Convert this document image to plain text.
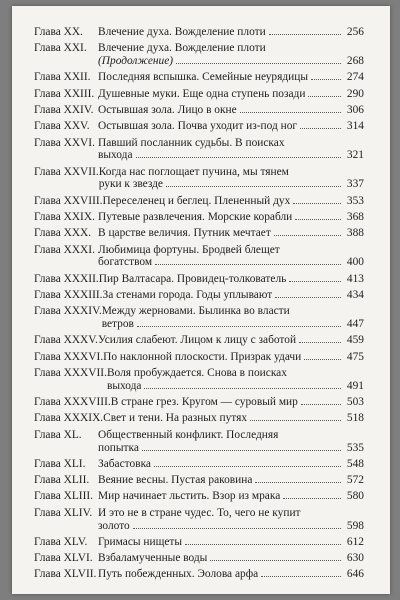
Глава XX.	Влечение духа. Вожделение плоти	256
Глава XXI. Влечение духа. Вожделение плоти
(Продолжение)	268
Глава XXII. Последняя вспышка. Семейные неурядицы	274
Глава XXIII. Душевные муки. Еще одна ступень позади	290
Глава XXIV. Остывшая зола. Лицо в окне	306
Глава XXV. Остывшая зола. Почва уходит из-под ног	314
Глава XXVI. Павший посланник судьбы. В поисках
выхода	321
Глава XXVII. Когда нас поглощает пучина, мы тянем
руки к звезде	337
Глава XXVIII. Переселенец и беглец. Плененный дух	353
Глава XXIX. Путевые развлечения. Морские корабли	368
Глава XXX. В царстве величия. Путник мечтает	388
Глава XXXI. Любимица фортуны. Бродвей блещет
богатством	400
Глава XXXII. Пир Валтасара. Провидец-толкователь	413
Глава XXXIII. За стенами города. Годы уплывают	434
Глава XXXIV. Между жерновами. Былинка во власти
ветров	447
Глава XXXV. Усилия слабеют. Лицом к лицу с заботой	459
Глава XXXVI. По наклонной плоскости. Призрак удачи	475
Глава XXXVII. Воля пробуждается. Снова в поисках
выхода	491
Глава XXXVIII. В стране грез. Кругом — суровый мир	503
Глава XXXIX. Свет и тени. На разных путях	518
Глава XL.	Общественный конфликт. Последняя
попытка	535
Глава XLI.	Забастовка	548
Глава XLII. Веяние весны. Пустая раковина	572
Глава XLIII. Мир начинает льстить. Взор из мрака	580
Глава XLIV. И это не в стране чудес. То, чего не купит
золото	598
Глава XLV. Гримасы нищеты	612
Глава XLVI. Взбаламученные воды	630
Глава XLVII. Путь побежденных. Эолова арфа	646
